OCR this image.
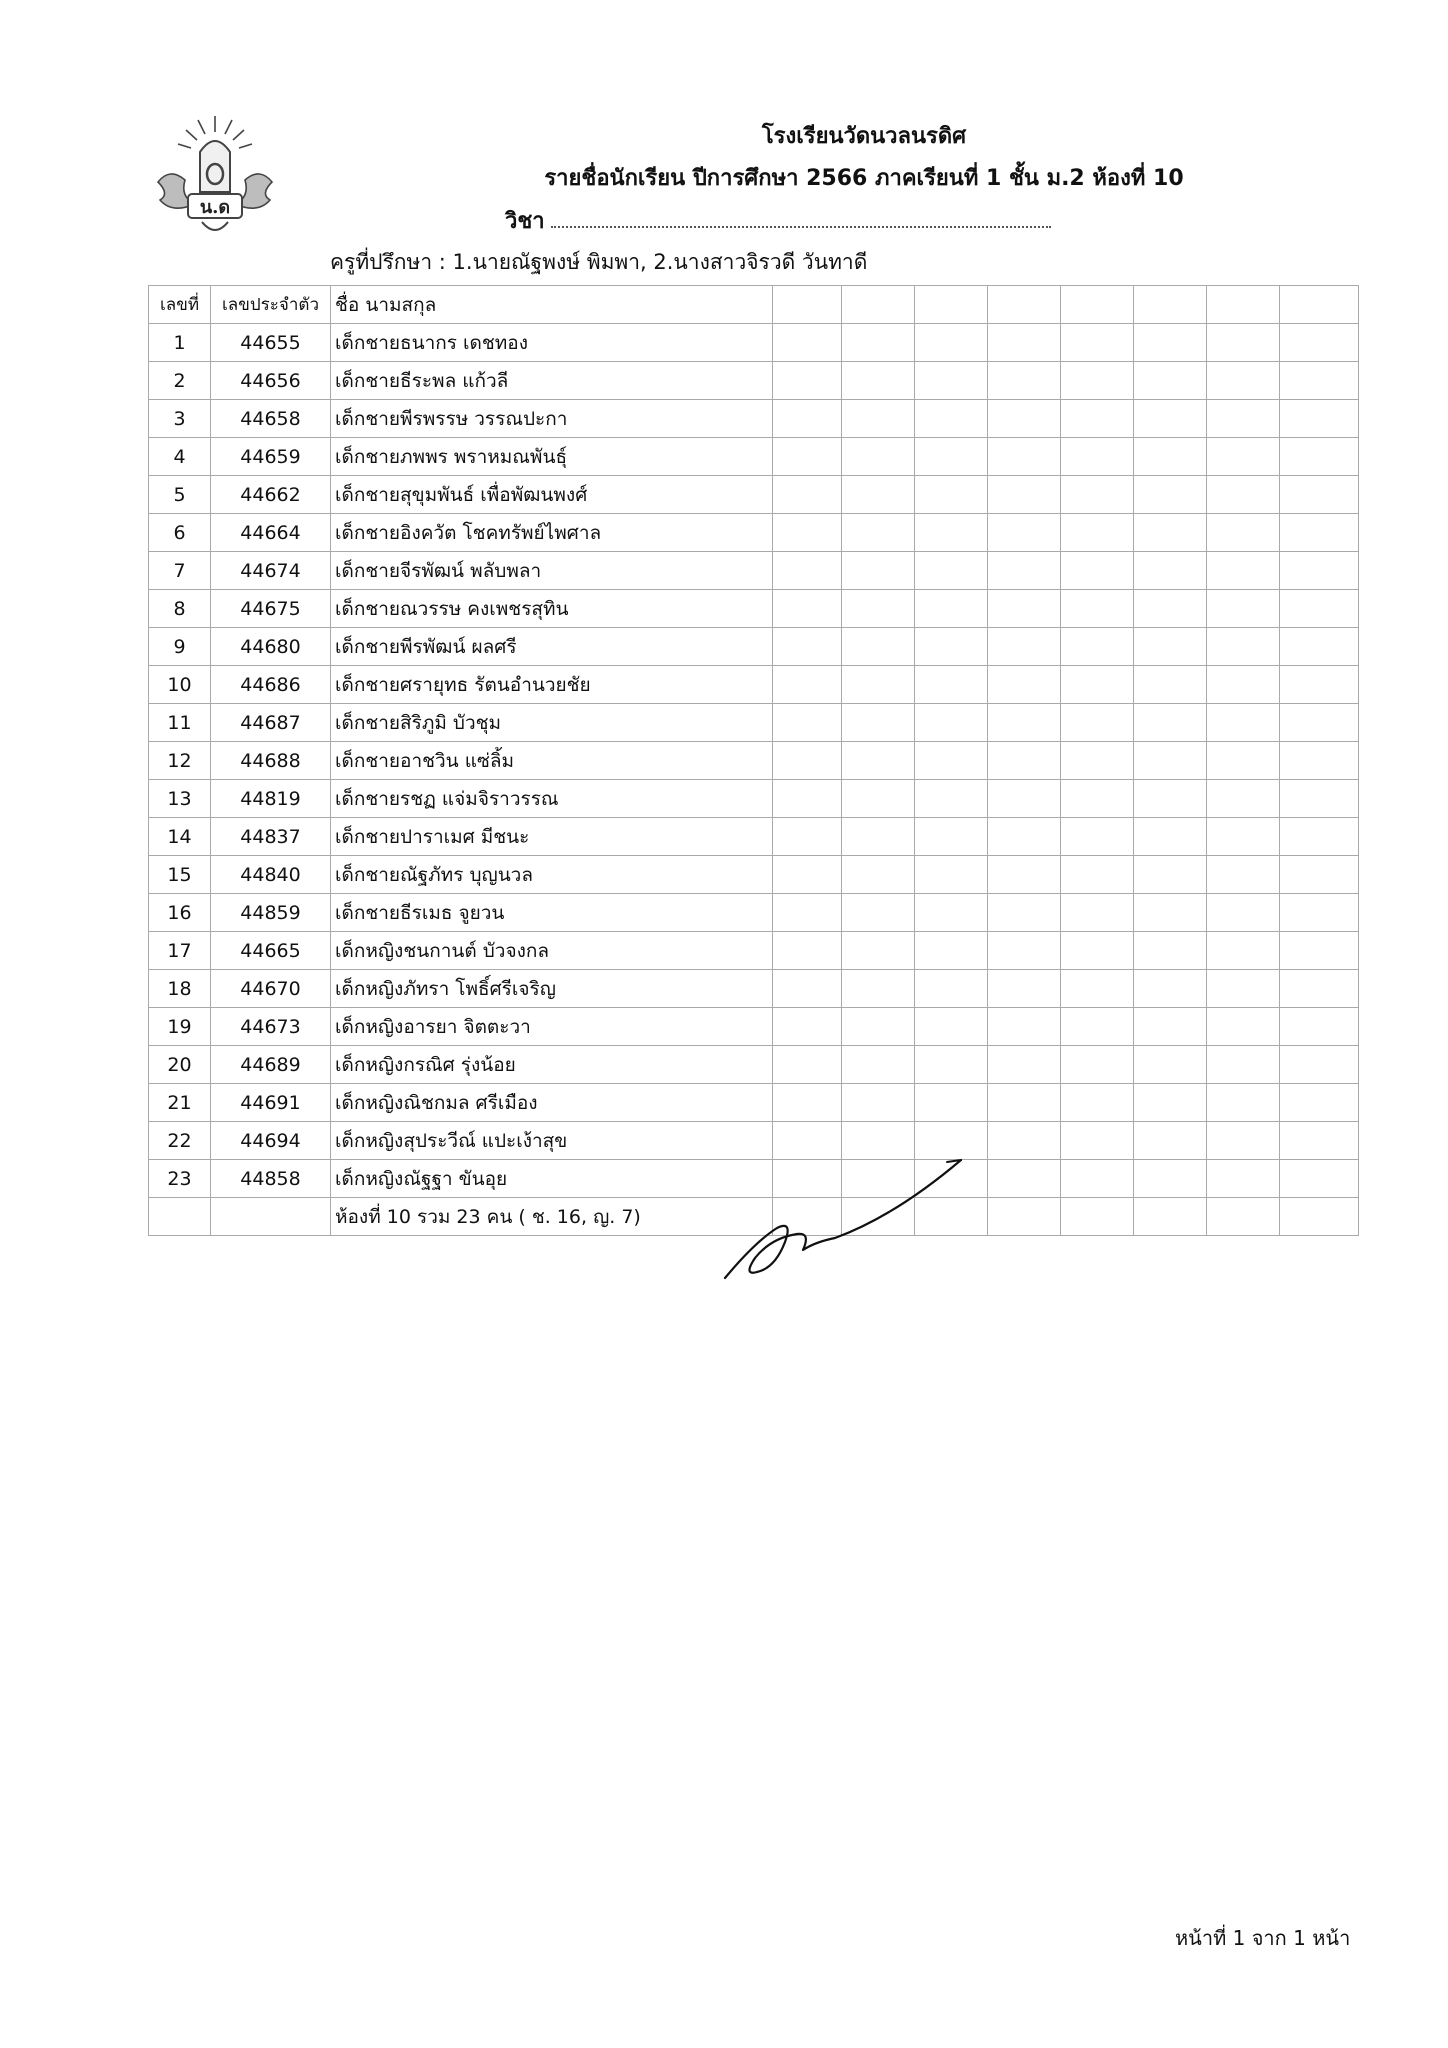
น.ด
โรงเรียนวัดนวลนรดิศ
รายชื่อนักเรียน ปีการศึกษา 2566 ภาคเรียนที่ 1 ชั้น ม.2 ห้องที่ 10
วิชา
ครูที่ปรึกษา : 1.นายณัฐพงษ์ พิมพา, 2.นางสาวจิรวดี วันทาดี
เลขที่	เลขประจำตัว	ชื่อ นามสกุล								
1	44655	เด็กชายธนากร เดชทอง								
2	44656	เด็กชายธีระพล แก้วลี								
3	44658	เด็กชายพีรพรรษ วรรณปะกา								
4	44659	เด็กชายภพพร พราหมณพันธุ์								
5	44662	เด็กชายสุขุมพันธ์ เพื่อพัฒนพงศ์								
6	44664	เด็กชายอิงควัต โชคทรัพย์ไพศาล								
7	44674	เด็กชายจีรพัฒน์ พลับพลา								
8	44675	เด็กชายณวรรษ คงเพชรสุทิน								
9	44680	เด็กชายพีรพัฒน์ ผลศรี								
10	44686	เด็กชายศรายุทธ รัตนอำนวยชัย								
11	44687	เด็กชายสิริภูมิ บัวชุม								
12	44688	เด็กชายอาชวิน แซ่ลิ้ม								
13	44819	เด็กชายรชฏ แจ่มจิราวรรณ								
14	44837	เด็กชายปาราเมศ มีชนะ								
15	44840	เด็กชายณัฐภัทร บุญนวล								
16	44859	เด็กชายธีรเมธ จูยวน								
17	44665	เด็กหญิงชนกานต์ บัวจงกล								
18	44670	เด็กหญิงภัทรา โพธิ์ศรีเจริญ								
19	44673	เด็กหญิงอารยา จิตตะวา								
20	44689	เด็กหญิงกรณิศ รุ่งน้อย								
21	44691	เด็กหญิงณิชกมล ศรีเมือง								
22	44694	เด็กหญิงสุประวีณ์ แปะเง้าสุข								
23	44858	เด็กหญิงณัฐฐา ขันอุย								
		ห้องที่ 10 รวม 23 คน ( ช. 16, ญ. 7)								
หน้าที่ 1 จาก 1 หน้า
